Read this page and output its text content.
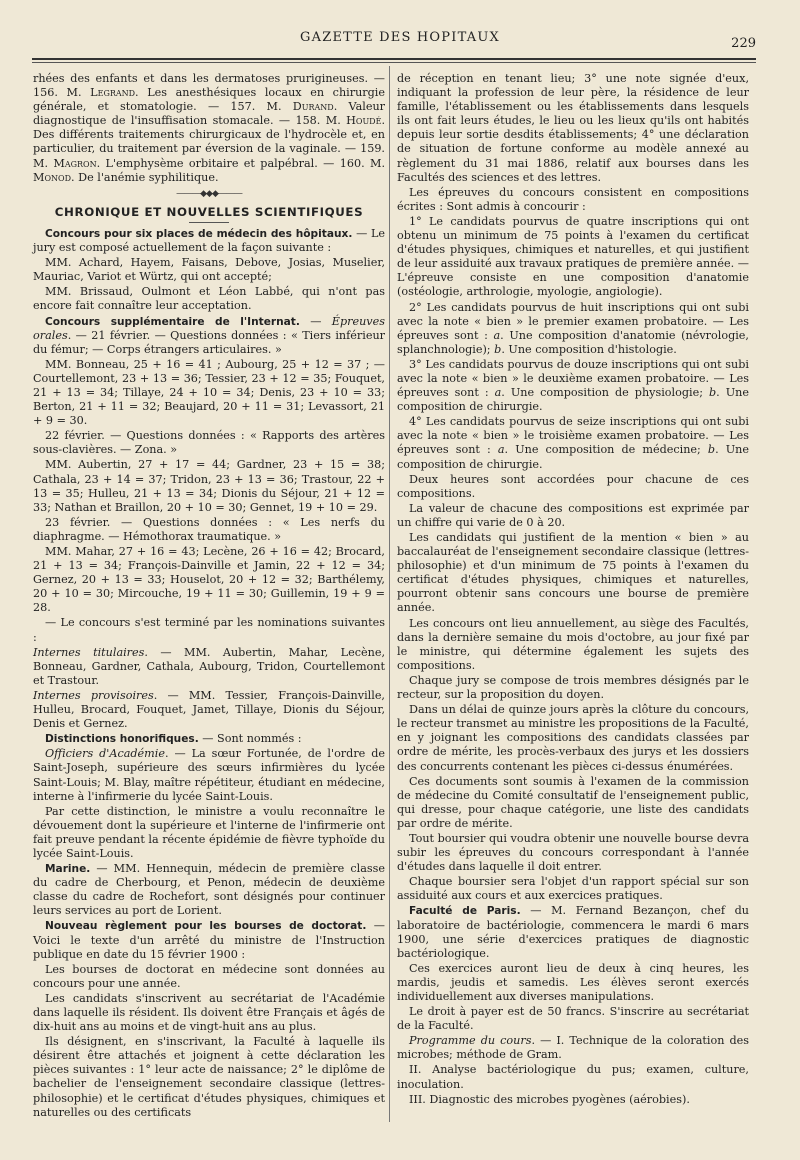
GAZETTE DES HOPITAUX	229

rhées des enfants et dans les dermatoses prurigineuses. — 156. M. Legrand. Les anesthésiques locaux en chirurgie générale, et stomatologie. — 157. M. Durand. Valeur diagnostique de l'insuffisation stomacale. — 158. M. Houdé. Des différents traitements chirurgicaux de l'hydrocèle et, en particulier, du traitement par éversion de la vaginale. — 159. M. Magron. L'emphysème orbitaire et palpébral. — 160. M. Monod. De l'anémie syphilitique.

———◆◆◆———
CHRONIQUE ET NOUVELLES SCIENTIFIQUES

Concours pour six places de médecin des hôpitaux. — Le jury est composé actuellement de la façon suivante :

MM. Achard, Hayem, Faisans, Debove, Josias, Muselier, Mauriac, Variot et Würtz, qui ont accepté;

MM. Brissaud, Oulmont et Léon Labbé, qui n'ont pas encore fait connaître leur acceptation.

Concours supplémentaire de l'Internat. — Épreuves orales. — 21 février. — Questions données : « Tiers inférieur du fémur; — Corps étrangers articulaires. »

MM. Bonneau, 25 + 16 = 41 ; Aubourg, 25 + 12 = 37 ; — Courtellemont, 23 + 13 = 36; Tessier, 23 + 12 = 35; Fouquet, 21 + 13 = 34; Tillaye, 24 + 10 = 34; Denis, 23 + 10 = 33; Berton, 21 + 11 = 32; Beaujard, 20 + 11 = 31; Levassort, 21 + 9 = 30.

22 février. — Questions données : « Rapports des artères sous-clavières. — Zona. »

MM. Aubertin, 27 + 17 = 44; Gardner, 23 + 15 = 38; Cathala, 23 + 14 = 37; Tridon, 23 + 13 = 36; Trastour, 22 + 13 = 35; Hulleu, 21 + 13 = 34; Dionis du Séjour, 21 + 12 = 33; Nathan et Braillon, 20 + 10 = 30; Gennet, 19 + 10 = 29.

23 février. — Questions données : « Les nerfs du diaphragme. — Hémothorax traumatique. »

MM. Mahar, 27 + 16 = 43; Lecène, 26 + 16 = 42; Brocard, 21 + 13 = 34; François-Dainville et Jamin, 22 + 12 = 34; Gernez, 20 + 13 = 33; Houselot, 20 + 12 = 32; Barthélemy, 20 + 10 = 30; Mircouche, 19 + 11 = 30; Guillemin, 19 + 9 = 28.

— Le concours s'est terminé par les nominations suivantes :

Internes titulaires. — MM. Aubertin, Mahar, Lecène, Bonneau, Gardner, Cathala, Aubourg, Tridon, Courtellemont et Trastour.

Internes provisoires. — MM. Tessier, François-Dainville, Hulleu, Brocard, Fouquet, Jamet, Tillaye, Dionis du Séjour, Denis et Gernez.

Distinctions honorifiques. — Sont nommés :

Officiers d'Académie. — La sœur Fortunée, de l'ordre de Saint-Joseph, supérieure des sœurs infirmières du lycée Saint-Louis; M. Blay, maître répétiteur, étudiant en médecine, interne à l'infirmerie du lycée Saint-Louis.

Par cette distinction, le ministre a voulu reconnaître le dévouement dont la supérieure et l'interne de l'infirmerie ont fait preuve pendant la récente épidémie de fièvre typhoïde du lycée Saint-Louis.

Marine. — MM. Hennequin, médecin de première classe du cadre de Cherbourg, et Penon, médecin de deuxième classe du cadre de Rochefort, sont désignés pour continuer leurs services au port de Lorient.

Nouveau règlement pour les bourses de doctorat. — Voici le texte d'un arrêté du ministre de l'Instruction publique en date du 15 février 1900 :

Les bourses de doctorat en médecine sont données au concours pour une année.

Les candidats s'inscrivent au secrétariat de l'Académie dans laquelle ils résident. Ils doivent être Français et âgés de dix-huit ans au moins et de vingt-huit ans au plus.

Ils désignent, en s'inscrivant, la Faculté à laquelle ils désirent être attachés et joignent à cette déclaration les pièces suivantes : 1° leur acte de naissance; 2° le diplôme de bachelier de l'enseignement secondaire classique (lettres-philosophie) et le certificat d'études physiques, chimiques et naturelles ou des certificats

de réception en tenant lieu; 3° une note signée d'eux, indiquant la profession de leur père, la résidence de leur famille, l'établissement ou les établissements dans lesquels ils ont fait leurs études, le lieu ou les lieux qu'ils ont habités depuis leur sortie desdits établissements; 4° une déclaration de situation de fortune conforme au modèle annexé au règlement du 31 mai 1886, relatif aux bourses dans les Facultés des sciences et des lettres.

Les épreuves du concours consistent en compositions écrites : Sont admis à concourir :

1° Le candidats pourvus de quatre inscriptions qui ont obtenu un minimum de 75 points à l'examen du certificat d'études physiques, chimiques et naturelles, et qui justifient de leur assiduité aux travaux pratiques de première année. — L'épreuve consiste en une composition d'anatomie (ostéologie, arthrologie, myologie, angiologie).

2° Les candidats pourvus de huit inscriptions qui ont subi avec la note « bien » le premier examen probatoire. — Les épreuves sont : a. Une composition d'anatomie (névrologie, splanchnologie); b. Une composition d'histologie.

3° Les candidats pourvus de douze inscriptions qui ont subi avec la note « bien » le deuxième examen probatoire. — Les épreuves sont : a. Une composition de physiologie; b. Une composition de chirurgie.

4° Les candidats pourvus de seize inscriptions qui ont subi avec la note « bien » le troisième examen probatoire. — Les épreuves sont : a. Une composition de médecine; b. Une composition de chirurgie.

Deux heures sont accordées pour chacune de ces compositions.

La valeur de chacune des compositions est exprimée par un chiffre qui varie de 0 à 20.

Les candidats qui justifient de la mention « bien » au baccalauréat de l'enseignement secondaire classique (lettres-philosophie) et d'un minimum de 75 points à l'examen du certificat d'études physiques, chimiques et naturelles, pourront obtenir sans concours une bourse de première année.

Les concours ont lieu annuellement, au siège des Facultés, dans la dernière semaine du mois d'octobre, au jour fixé par le ministre, qui détermine également les sujets des compositions.

Chaque jury se compose de trois membres désignés par le recteur, sur la proposition du doyen.

Dans un délai de quinze jours après la clôture du concours, le recteur transmet au ministre les propositions de la Faculté, en y joignant les compositions des candidats classées par ordre de mérite, les procès-verbaux des jurys et les dossiers des concurrents contenant les pièces ci-dessus énumérées.

Ces documents sont soumis à l'examen de la commission de médecine du Comité consultatif de l'enseignement public, qui dresse, pour chaque catégorie, une liste des candidats par ordre de mérite.

Tout boursier qui voudra obtenir une nouvelle bourse devra subir les épreuves du concours correspondant à l'année d'études dans laquelle il doit entrer.

Chaque boursier sera l'objet d'un rapport spécial sur son assiduité aux cours et aux exercices pratiques.

Faculté de Paris. — M. Fernand Bezançon, chef du laboratoire de bactériologie, commencera le mardi 6 mars 1900, une série d'exercices pratiques de diagnostic bactériologique.

Ces exercices auront lieu de deux à cinq heures, les mardis, jeudis et samedis. Les élèves seront exercés individuellement aux diverses manipulations.

Le droit à payer est de 50 francs. S'inscrire au secrétariat de la Faculté.

Programme du cours. — I. Technique de la coloration des microbes; méthode de Gram.

II. Analyse bactériologique du pus; examen, culture, inoculation.

III. Diagnostic des microbes pyogènes (aérobies).
